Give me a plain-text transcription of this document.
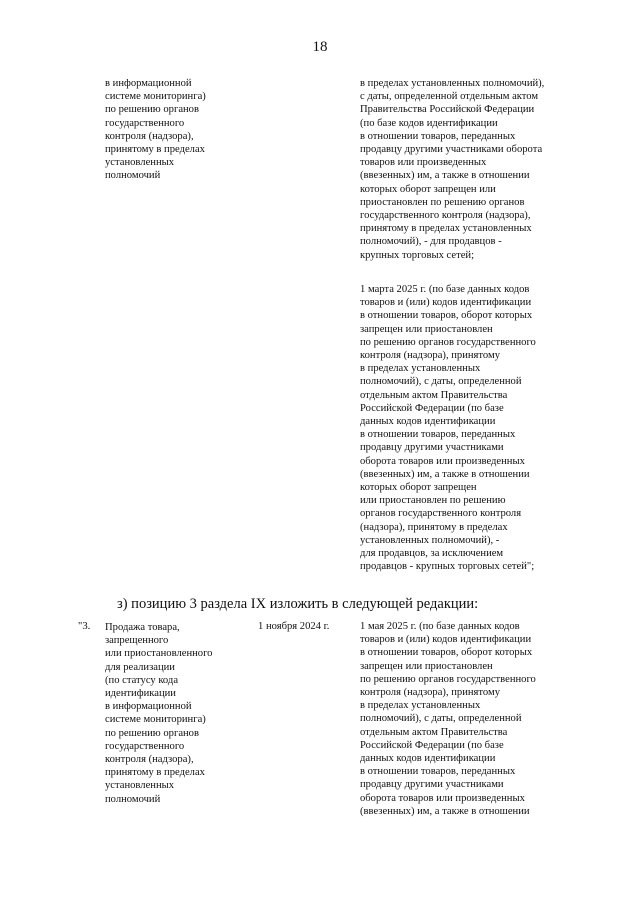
18

в информационной
системе мониторинга)
по решению органов
государственного
контроля (надзора),
принятому в пределах
установленных
полномочий

в пределах установленных полномочий),
с даты, определенной отдельным актом
Правительства Российской Федерации
(по базе кодов идентификации
в отношении товаров, переданных
продавцу другими участниками оборота
товаров или произведенных
(ввезенных) им, а также в отношении
которых оборот запрещен или
приостановлен по решению органов
государственного контроля (надзора),
принятому в пределах установленных
полномочий), - для продавцов -
крупных торговых сетей;

1 марта 2025 г. (по базе данных кодов
товаров и (или) кодов идентификации
в отношении товаров, оборот которых
запрещен или приостановлен
по решению органов государственного
контроля (надзора), принятому
в пределах установленных
полномочий), с даты, определенной
отдельным актом Правительства
Российской Федерации (по базе
данных кодов идентификации
в отношении товаров, переданных
продавцу другими участниками
оборота товаров или произведенных
(ввезенных) им, а также в отношении
которых оборот запрещен
или приостановлен по решению
органов государственного контроля
(надзора), принятому в пределах
установленных полномочий), -
для продавцов, за исключением
продавцов - крупных торговых сетей";

з) позицию 3 раздела IX изложить в следующей редакции:
"3. Продажа товара,
запрещенного
или приостановленного
для реализации
(по статусу кода
идентификации
в информационной
системе мониторинга)
по решению органов
государственного
контроля (надзора),
принятому в пределах
установленных
полномочий

1 ноября 2024 г.	1 мая 2025 г. (по базе данных кодов
товаров и (или) кодов идентификации
в отношении товаров, оборот которых
запрещен или приостановлен
по решению органов государственного
контроля (надзора), принятому
в пределах установленных
полномочий), с даты, определенной
отдельным актом Правительства
Российской Федерации (по базе
данных кодов идентификации
в отношении товаров, переданных
продавцу другими участниками
оборота товаров или произведенных
(ввезенных) им, а также в отношении
